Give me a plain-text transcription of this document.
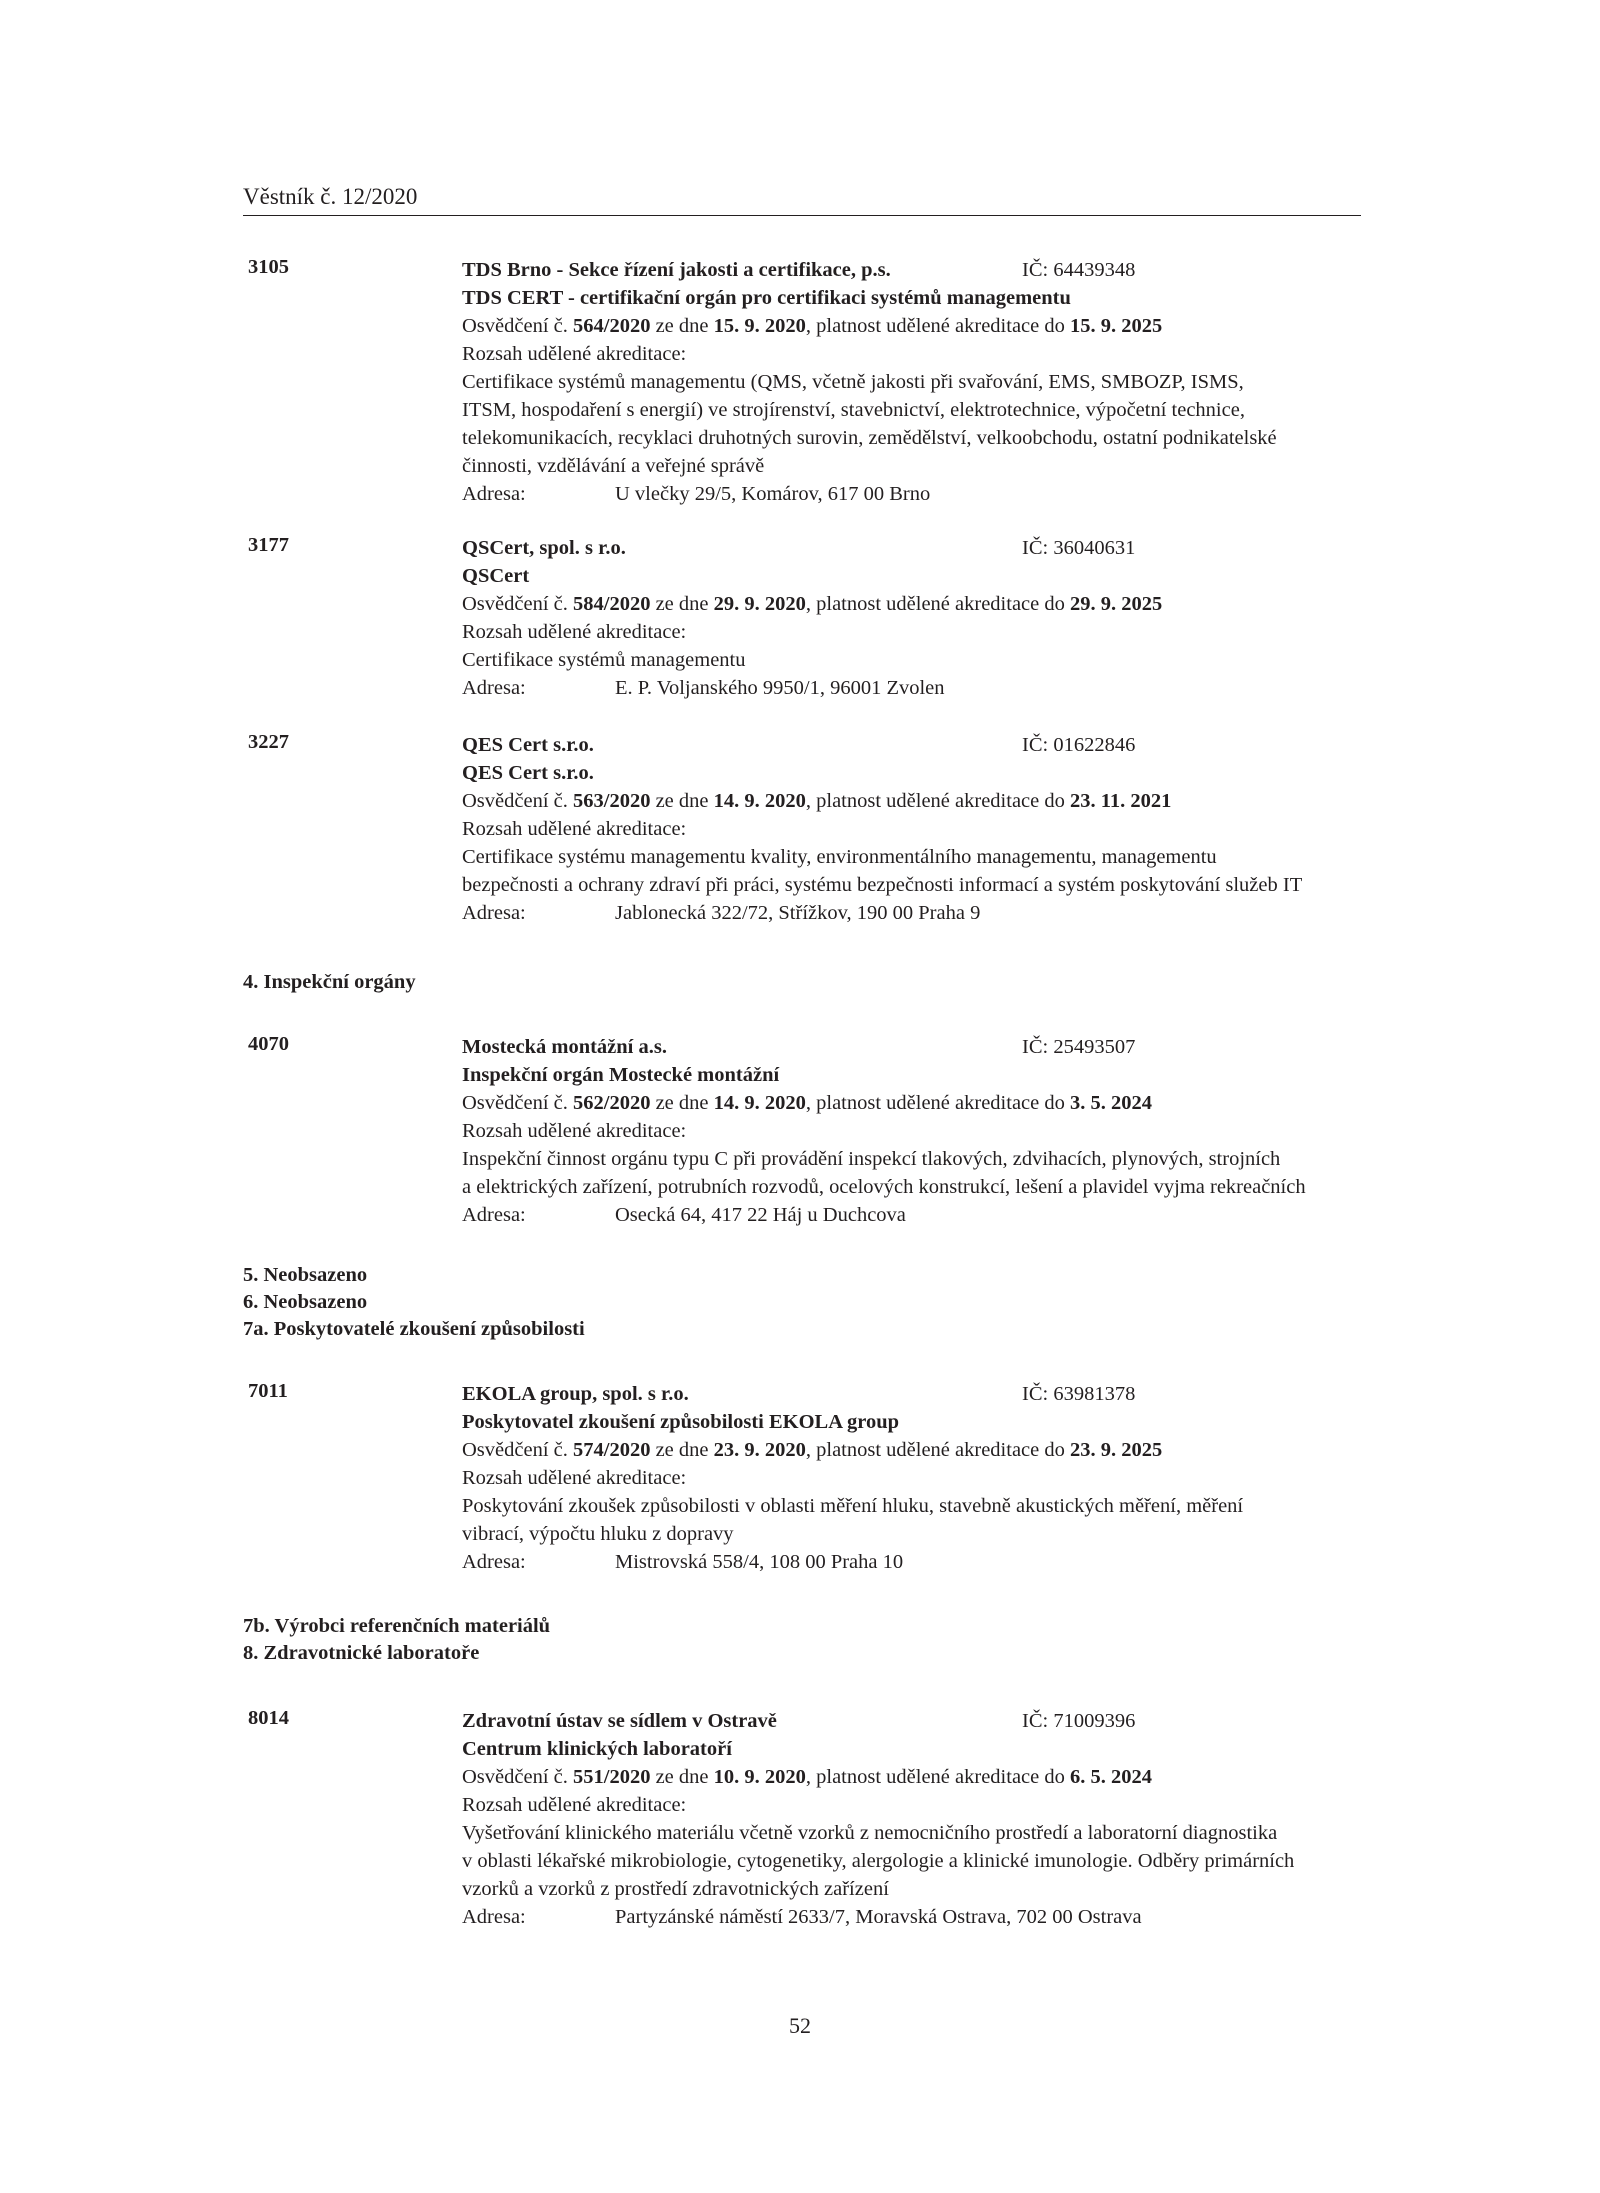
Věstník č. 12/2020
3105	TDS Brno - Sekce řízení jakosti a certifikace, p.s.	IČ: 64439348
TDS CERT - certifikační orgán pro certifikaci systémů managementu
Osvědčení č. 564/2020 ze dne 15. 9. 2020, platnost udělené akreditace do 15. 9. 2025
Rozsah udělené akreditace:
Certifikace systémů managementu (QMS, včetně jakosti při svařování, EMS, SMBOZP, ISMS,
ITSM, hospodaření s energií) ve strojírenství, stavebnictví, elektrotechnice, výpočetní technice,
telekomunikacích, recyklaci druhotných surovin, zemědělství, velkoobchodu, ostatní podnikatelské
činnosti, vzdělávání a veřejné správě
Adresa:	U vlečky 29/5, Komárov, 617 00 Brno
3177	QSCert, spol. s r.o.	IČ: 36040631
QSCert
Osvědčení č. 584/2020 ze dne 29. 9. 2020, platnost udělené akreditace do 29. 9. 2025
Rozsah udělené akreditace:
Certifikace systémů managementu
Adresa:	E. P. Voljanského 9950/1, 96001 Zvolen
3227	QES Cert s.r.o.	IČ: 01622846
QES Cert s.r.o.
Osvědčení č. 563/2020 ze dne 14. 9. 2020, platnost udělené akreditace do 23. 11. 2021
Rozsah udělené akreditace:
Certifikace systému managementu kvality, environmentálního managementu, managementu
bezpečnosti a ochrany zdraví při práci, systému bezpečnosti informací a systém poskytování služeb IT
Adresa:	Jablonecká 322/72, Střížkov, 190 00 Praha 9
4070	Mostecká montážní a.s.	IČ: 25493507
Inspekční orgán Mostecké montážní
Osvědčení č. 562/2020 ze dne 14. 9. 2020, platnost udělené akreditace do 3. 5. 2024
Rozsah udělené akreditace:
Inspekční činnost orgánu typu C při provádění inspekcí tlakových, zdvihacích, plynových, strojních
a elektrických zařízení, potrubních rozvodů, ocelových konstrukcí, lešení a plavidel vyjma rekreačních
Adresa:	Osecká 64, 417 22 Háj u Duchcova
7011	EKOLA group, spol. s r.o.	IČ: 63981378
Poskytovatel zkoušení způsobilosti EKOLA group
Osvědčení č. 574/2020 ze dne 23. 9. 2020, platnost udělené akreditace do 23. 9. 2025
Rozsah udělené akreditace:
Poskytování zkoušek způsobilosti v oblasti měření hluku, stavebně akustických měření, měření
vibrací, výpočtu hluku z dopravy
Adresa:	Mistrovská 558/4, 108 00 Praha 10
8014	Zdravotní ústav se sídlem v Ostravě	IČ: 71009396
Centrum klinických laboratoří
Osvědčení č. 551/2020 ze dne 10. 9. 2020, platnost udělené akreditace do 6. 5. 2024
Rozsah udělené akreditace:
Vyšetřování klinického materiálu včetně vzorků z nemocničního prostředí a laboratorní diagnostika
v oblasti lékařské mikrobiologie, cytogenetiky, alergologie a klinické imunologie. Odběry primárních
vzorků a vzorků z prostředí zdravotnických zařízení
Adresa:	Partyzánské náměstí 2633/7, Moravská Ostrava, 702 00 Ostrava
4. Inspekční orgány
5. Neobsazeno
6. Neobsazeno
7a. Poskytovatelé zkoušení způsobilosti
7b. Výrobci referenčních materiálů
8. Zdravotnické laboratoře
52
